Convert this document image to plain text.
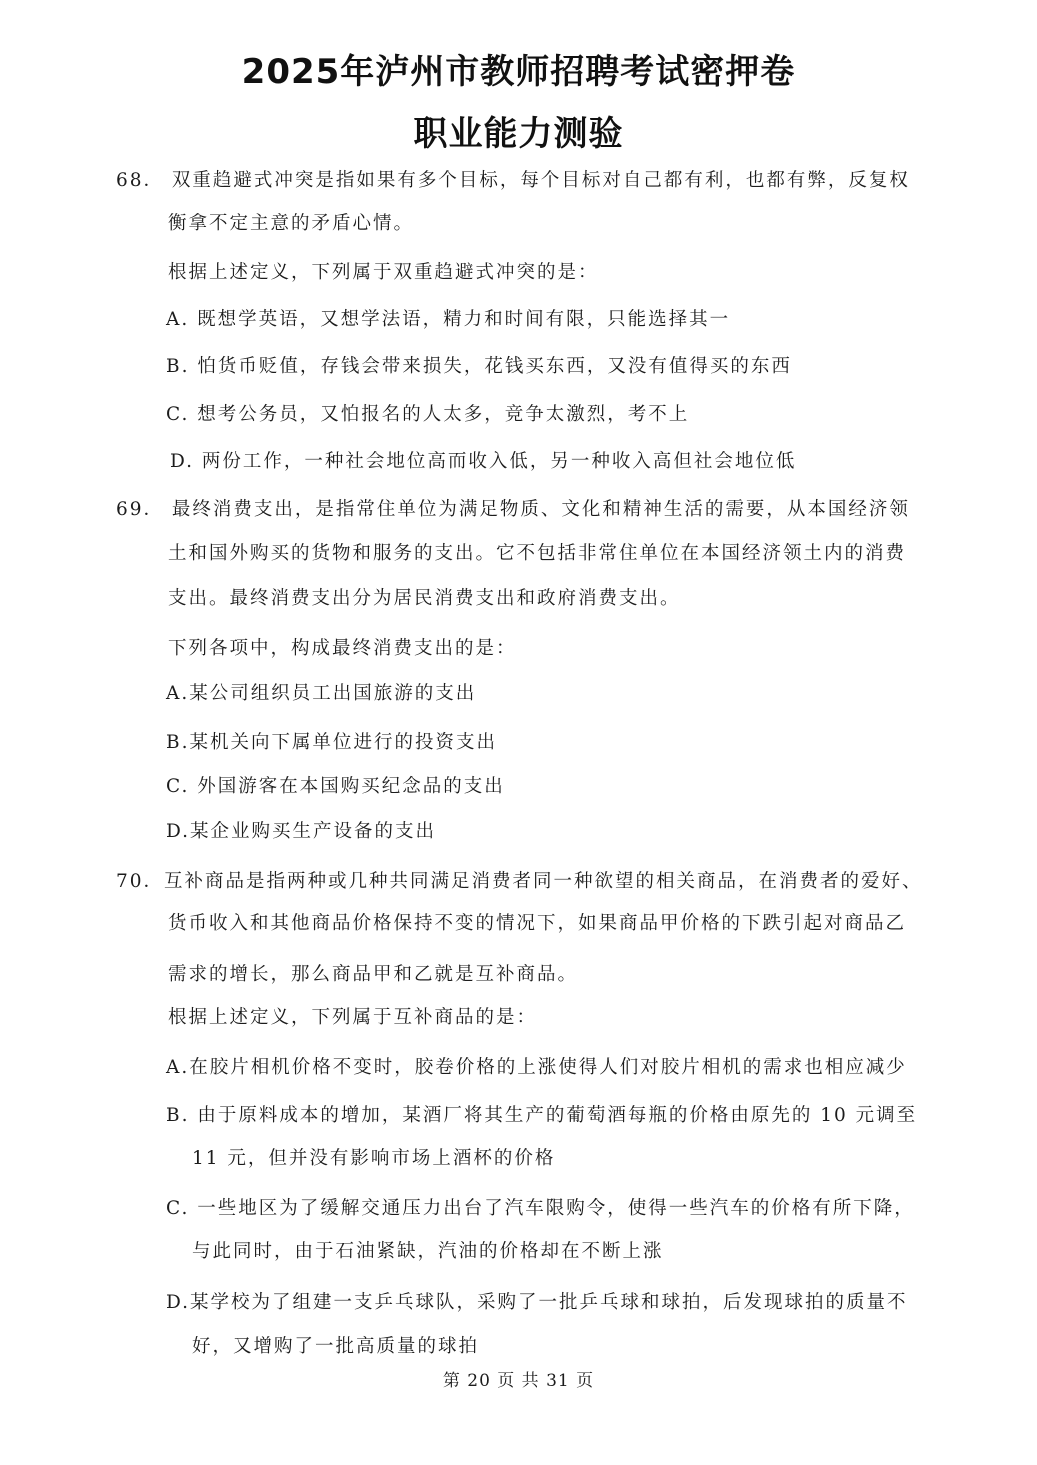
2025年泸州市教师招聘考试密押卷
职业能力测验
68． 双重趋避式冲突是指如果有多个目标，每个目标对自己都有利，也都有弊，反复权
衡拿不定主意的矛盾心情。
根据上述定义，下列属于双重趋避式冲突的是：
A. 既想学英语，又想学法语，精力和时间有限，只能选择其一
B. 怕货币贬值，存钱会带来损失，花钱买东西，又没有值得买的东西
C. 想考公务员，又怕报名的人太多，竞争太激烈，考不上
D. 两份工作，一种社会地位高而收入低，另一种收入高但社会地位低
69． 最终消费支出，是指常住单位为满足物质、文化和精神生活的需要，从本国经济领
土和国外购买的货物和服务的支出。它不包括非常住单位在本国经济领土内的消费
支出。最终消费支出分为居民消费支出和政府消费支出。
下列各项中，构成最终消费支出的是：
A.某公司组织员工出国旅游的支出
B.某机关向下属单位进行的投资支出
C. 外国游客在本国购买纪念品的支出
D.某企业购买生产设备的支出
70．互补商品是指两种或几种共同满足消费者同一种欲望的相关商品，在消费者的爱好、
货币收入和其他商品价格保持不变的情况下，如果商品甲价格的下跌引起对商品乙
需求的增长，那么商品甲和乙就是互补商品。
根据上述定义，下列属于互补商品的是：
A.在胶片相机价格不变时，胶卷价格的上涨使得人们对胶片相机的需求也相应减少
B. 由于原料成本的增加，某酒厂将其生产的葡萄酒每瓶的价格由原先的 10 元调至
11 元，但并没有影响市场上酒杯的价格
C. 一些地区为了缓解交通压力出台了汽车限购令，使得一些汽车的价格有所下降，
与此同时，由于石油紧缺，汽油的价格却在不断上涨
D.某学校为了组建一支乒乓球队，采购了一批乒乓球和球拍，后发现球拍的质量不
好，又增购了一批高质量的球拍
第 20 页 共 31 页
